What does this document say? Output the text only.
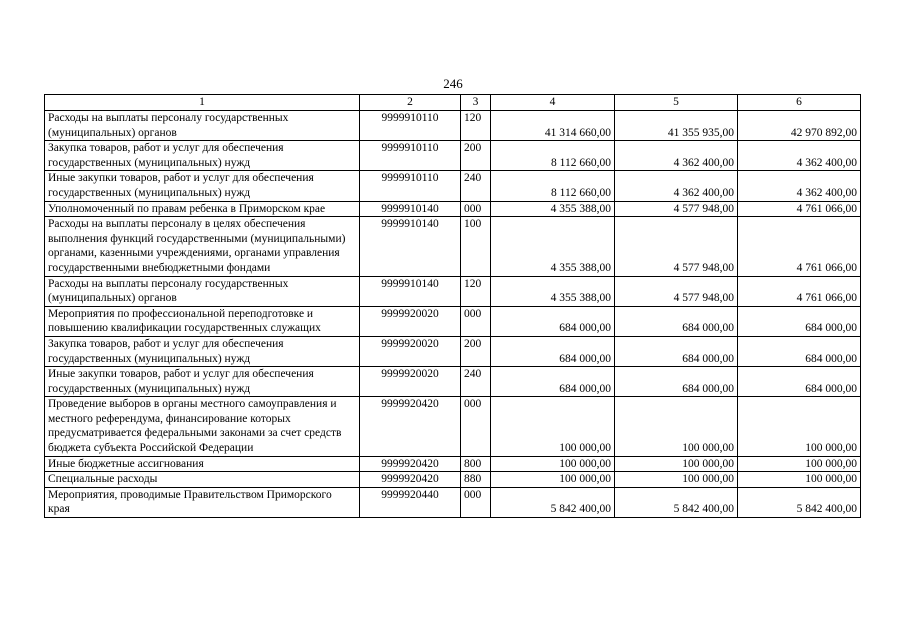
246
1	2	3	4	5	6
Расходы на выплаты персоналу государственных (муниципальных) органов	9999910110	120	41 314 660,00	41 355 935,00	42 970 892,00
Закупка товаров, работ и услуг для обеспечения государственных (муниципальных) нужд	9999910110	200	8 112 660,00	4 362 400,00	4 362 400,00
Иные закупки товаров, работ и услуг для обеспечения государственных (муниципальных) нужд	9999910110	240	8 112 660,00	4 362 400,00	4 362 400,00
Уполномоченный по правам ребенка в Приморском крае	9999910140	000	4 355 388,00	4 577 948,00	4 761 066,00
Расходы на выплаты персоналу в целях обеспечения выполнения функций государственными (муниципальными) органами, казенными учреждениями, органами управления государственными внебюджетными фондами	9999910140	100	4 355 388,00	4 577 948,00	4 761 066,00
Расходы на выплаты персоналу государственных (муниципальных) органов	9999910140	120	4 355 388,00	4 577 948,00	4 761 066,00
Мероприятия по профессиональной переподготовке и повышению квалификации государственных служащих	9999920020	000	684 000,00	684 000,00	684 000,00
Закупка товаров, работ и услуг для обеспечения государственных (муниципальных) нужд	9999920020	200	684 000,00	684 000,00	684 000,00
Иные закупки товаров, работ и услуг для обеспечения государственных (муниципальных) нужд	9999920020	240	684 000,00	684 000,00	684 000,00
Проведение выборов в органы местного самоуправления и местного референдума, финансирование которых предусматривается федеральными законами за счет средств бюджета субъекта Российской Федерации	9999920420	000	100 000,00	100 000,00	100 000,00
Иные бюджетные ассигнования	9999920420	800	100 000,00	100 000,00	100 000,00
Специальные расходы	9999920420	880	100 000,00	100 000,00	100 000,00
Мероприятия, проводимые Правительством Приморского края	9999920440	000	5 842 400,00	5 842 400,00	5 842 400,00
